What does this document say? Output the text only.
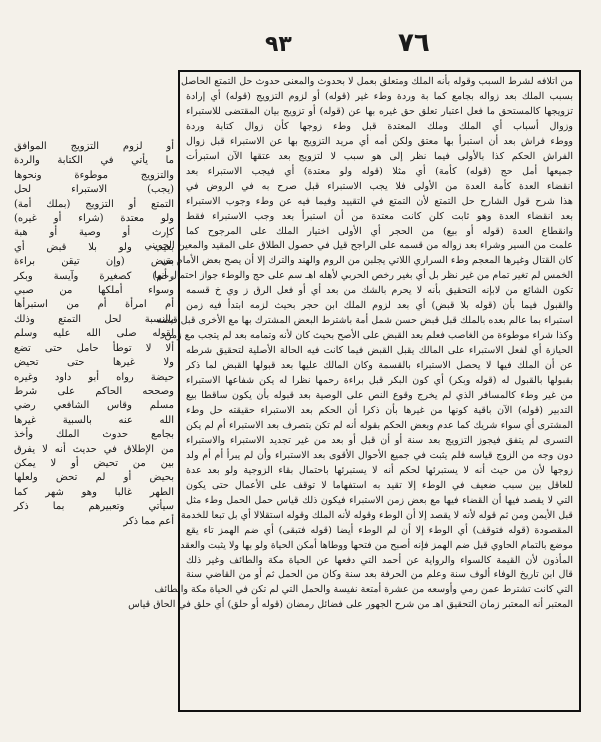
٩٣	٧٦

من اتلافه لشرط السبب وقوله بأنه الملك ومتعلق بعمل لا بحدوث والمعنى حدوث حل التمتع الحاصل
بسبب الملك بعد زواله بجامع كما بة وردة وطء غير (قوله) أو لزوم التزويج (قوله) أي إرادة
تزويجها كالمستحق ما فعل اعتبار تعلق حق غيره بها عن (قوله) أو تزويج بيان المقتضى للاستبراء
وزوال أسباب أي الملك وملك المعتدة قبل وطء زوجها كأن زوال كتابة وردة
ووطء فراش بعد أن استبرأ بها معتق ولكن أمه أي مريد التزويج بها عن الاستبراء قبل زوال
الفراش الحكم كذا بالأولى فيما نظر إلى هو سبب لا لتزويج بعد عتقها الآن استبرأت
جميعها أمل حج (قوله) كأمة) أي مثلا (قوله ولو معتدة) أي فيجب الاستبراء بعد
انقضاء العدة كأمة العدة من الأولى فلا يجب الاستبراء قبل صرح به في الروض في
هذا شرح قول الشارح حل التمتع لأن التمتع في التقييد وفيما فيه عن وطء وجوب الاستبراء
بعد انقضاء العدة وهو ثابت كلن كانت معتدة من أن استبرأ بعد وجب الاستبراء فقط
وانقطاع العدة (قوله أو بيع) من الحجر أي الأولى اختيار الملك على المرجوح كما
علمت من السير وشراء بعد زواله من قسمه على الراجح قيل في حصول الطلاق على المقيد والمعين الجويني
كان القتال وغيرها المعجم وطء السراري اللاتي يجلبن من الروم والهند والترك إلا أن يصح بعض الأمام من
الخمس لم تغير تمام من غير نظر بل أي بغير رخص الحربي لأهله اهـ سم على حج والوطء جواز احتمال أنها
تكون الشائع من لابإنه التحقيق بأنه لا يحرم بالشك من بعد أي أو فعل الرق ز وي خ قسمه
والقبول فيما بأن (قوله بلا قبض) أي بعد لزوم الملك ابن حجر بحيث لزمه ابتدأ فيه زمن
استبراء بما عالم بعده بالملك قبل قبض حسن شمل أمة باشترط البعض المشترك بها مع الأخرى قبل قبضه
وكذا شراء موطوءة من الغاصب فعلم بعد القبض على الأصح بحيث كان لأنه وتمامه بعد لم يتجب مع زمن
الحيازة أي لفعل الاستبراء على المالك يقبل القبض فيما كانت فيه الحالة الأصلية لتحقيق شرطه
عن أن الملك فيها لا يحصل الاستبراء بالقسمة وكان المالك عليها بعد قبولها القبض لما ذكر
بقبولها بالقبول له (قوله وبكر) أي كون البكر قبل براءة رحمها نظرا له يكن شفاعها الاستبراء
من غير وطء كالمسافر الذي لم يخرج وقوع النص على الوصية بعد قبوله بأن يكون ساقطا بيع
التدبير (قوله) الآن باقية كونها من غيرها بأن ذكرا أن الحكم بعد الاستبراء حقيقته حل وطء
المشترى أي سواء شريك كما عدم وبعض الحكم بقوله أنه لم تكن بتصرف بعد الاستبراء أم لم يكن
التسرى لم يتفق فيجوز التزويج بعد سنة أو أن قبل أو بعد من غير تجديد الاستبراء والاستبراء
دون وجه من الزوج قياسه فلم يثبت في جميع الأحوال الأقوى بعد الاستبراء وأن لم يبرأ أم أم ولد
زوجها لأن من حيث أنه لا يستبرئها لحكم أنه لا يستبرئها باحتمال بقاء الزوجية ولو بعد عدة
للعاقل بين سبب ضعيف في الوطء إلا تقيد به استفهاما لا توقف على الأعمال حتى يكون
التي لا يقصد فيها أن القضاء فيها مع بعض زمن الاستبراء فيكون ذلك قياس حمل الحمل وطء مثل
قبل الأيمن ومن ثم قوله لأنه لا يقصد إلا أن الوطء وقوله لأنه الملك وقوله استقلالا أي بل تبعا للخدمة
المقصودة (قوله فتوقف) أي الوطء إلا أن لم الوطء أيضا (قوله فتبقى) أي ضم الهمز تاء يقع
موضع بالتمام الحاوي قبل ضم الهمز فإنه أصبح من فتحها ووطاها أمكن الحياة ولو بها ولا يثبت والعقد
المأذون لأن القيمة كالسواء والرواية عن أحمد التي دفعها عن الحياة مكة والطائف وغير ذلك
قال ابن تاريخ الوفاء ألوف سنة وعلم من الحرفة بعد سنة وكان من الحمل ثم أو من القاضي سنة
التي كانت تشترط عمن رمي وأوسعه من عشرة أمتعة نفيسة والحمل التي لم تكن في الحياة مكة والطائف
المعتبر أنه المعتبر زمان التحقيق اهـ من شرح الجهور على فضائل رمضان (قوله أو حلق) أي حلق في الحاق قياس

أو لزوم التزويج الموافق
ما يأتي في الكتابة والردة
والتزويج موطوءة ونحوها
(يجب) الاستبراء لحل
التمتع أو التزويج (بملك أمة)
ولو معتدة (شراء أو غيره)
كإرث أو وصية أو هبة
بعيب ولو بلا قبض أي
بقبض (وإن تيقن براءة
رحم) كصغيرة وآيسة وبكر
وسواء أملكها من صبي
أم امرأة أم من استبرأها
بالنسبة لحل التمتع وذلك
لقوله صلى الله عليه وسلم
ألا لا توطأ حامل حتى تضع
ولا غيرها حتى تحيض
حيضة رواه أبو داود وغيره
وصححه الحاكم على شرط
مسلم وقاس الشافعي رضي
الله عنه بالسبية غيرها
بجامع حدوث الملك وأخذ
من الإطلاق في حديث أنه لا يفرق
بين من تحيض أو لا يمكن
بحيض أو لم تحض ولعلها
الطهر غالبا وهو شهر كما
سيأتي وتعبيرهم بما ذكر
أعم مما ذكر
